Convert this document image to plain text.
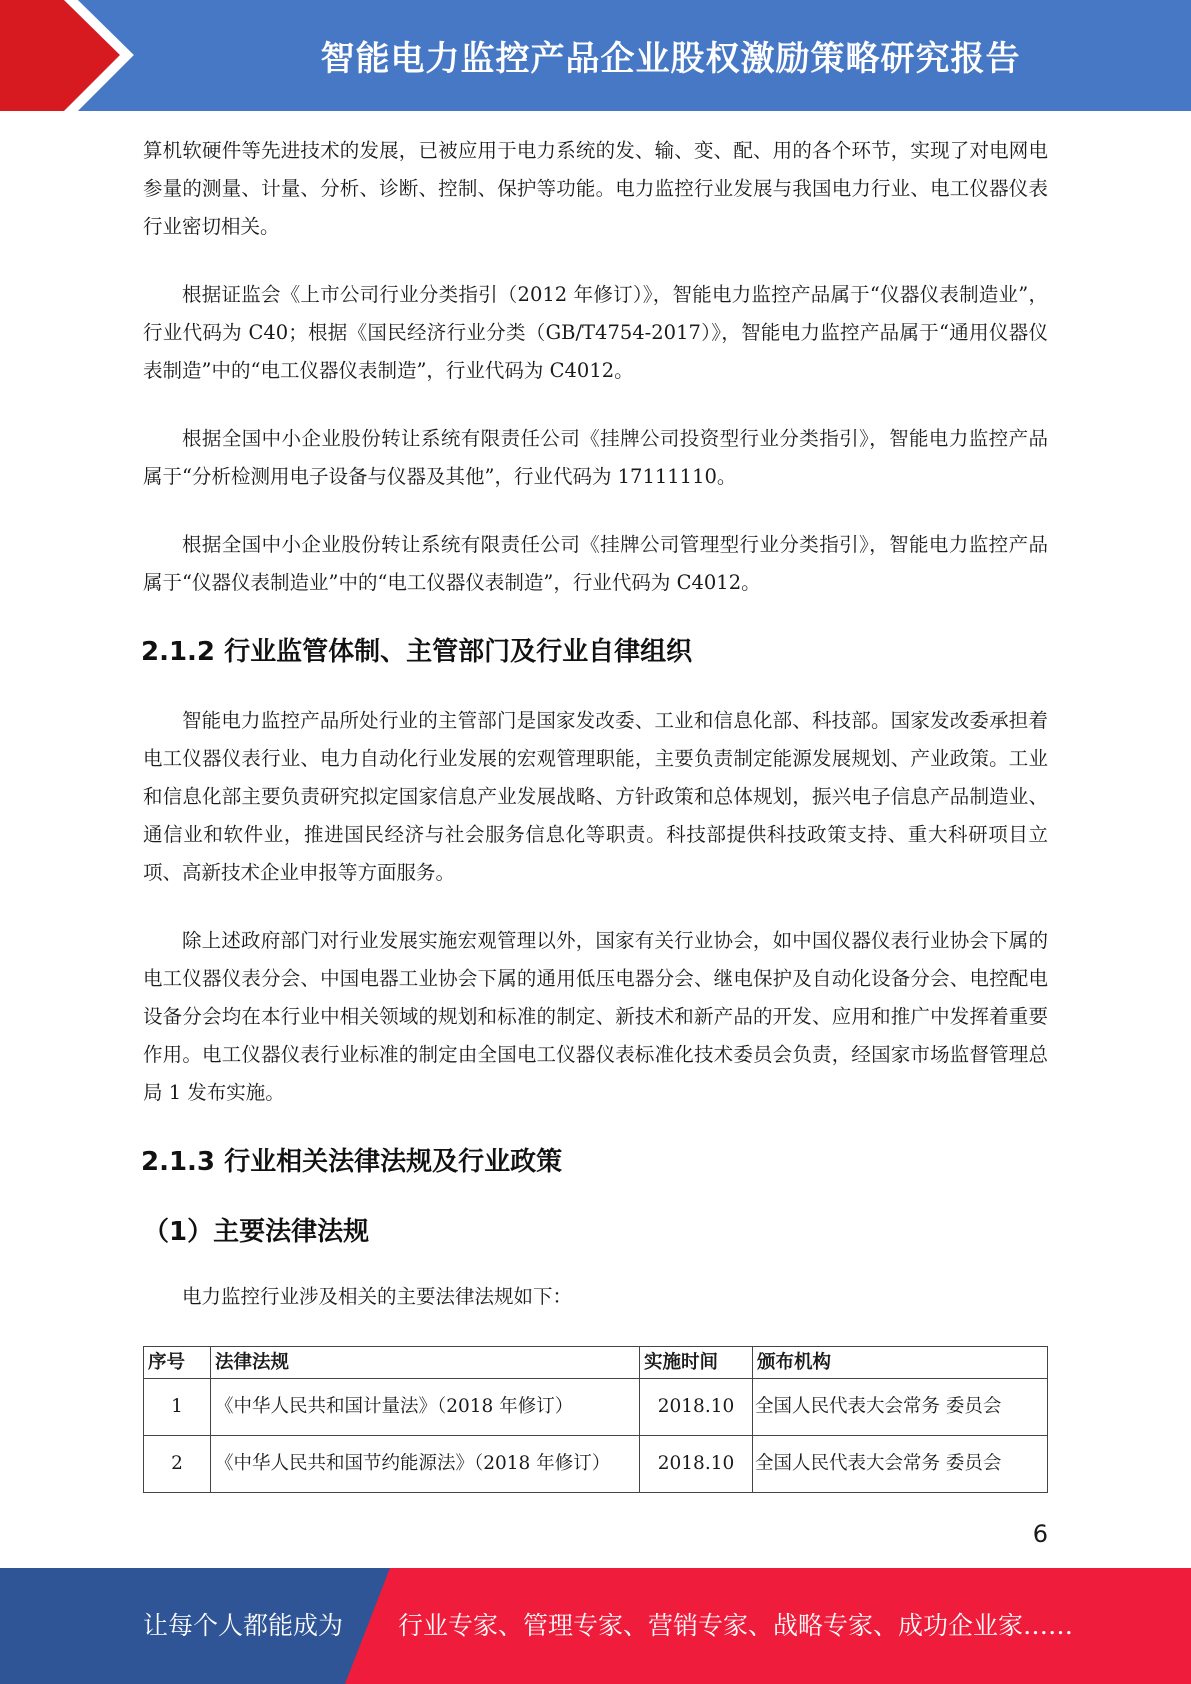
智能电力监控产品企业股权激励策略研究报告

算机软硬件等先进技术的发展，已被应用于电力系统的发、输、变、配、用的各个环节，实现了对电网电参量的测量、计量、分析、诊断、控制、保护等功能。电力监控行业发展与我国电力行业、电工仪器仪表行业密切相关。

根据证监会《上市公司行业分类指引（2012 年修订）》，智能电力监控产品属于“仪器仪表制造业”，行业代码为 C40；根据《国民经济行业分类（GB/T4754-2017）》，智能电力监控产品属于“通用仪器仪表制造”中的“电工仪器仪表制造”，行业代码为 C4012。

根据全国中小企业股份转让系统有限责任公司《挂牌公司投资型行业分类指引》，智能电力监控产品属于“分析检测用电子设备与仪器及其他”，行业代码为 17111110。

根据全国中小企业股份转让系统有限责任公司《挂牌公司管理型行业分类指引》，智能电力监控产品属于“仪器仪表制造业”中的“电工仪器仪表制造”，行业代码为 C4012。

2.1.2 行业监管体制、主管部门及行业自律组织

智能电力监控产品所处行业的主管部门是国家发改委、工业和信息化部、科技部。国家发改委承担着电工仪器仪表行业、电力自动化行业发展的宏观管理职能，主要负责制定能源发展规划、产业政策。工业和信息化部主要负责研究拟定国家信息产业发展战略、方针政策和总体规划，振兴电子信息产品制造业、通信业和软件业，推进国民经济与社会服务信息化等职责。科技部提供科技政策支持、重大科研项目立项、高新技术企业申报等方面服务。

除上述政府部门对行业发展实施宏观管理以外，国家有关行业协会，如中国仪器仪表行业协会下属的电工仪器仪表分会、中国电器工业协会下属的通用低压电器分会、继电保护及自动化设备分会、电控配电设备分会均在本行业中相关领域的规划和标准的制定、新技术和新产品的开发、应用和推广中发挥着重要作用。电工仪器仪表行业标准的制定由全国电工仪器仪表标准化技术委员会负责，经国家市场监督管理总局 1 发布实施。

2.1.3 行业相关法律法规及行业政策
（1）主要法律法规

电力监控行业涉及相关的主要法律法规如下：

序号	法律法规	实施时间	颁布机构
1	《中华人民共和国计量法》（2018 年修订）	2018.10	全国人民代表大会常务 委员会
2	《中华人民共和国节约能源法》（2018 年修订）	2018.10	全国人民代表大会常务 委员会
6
让每个人都能成为 行业专家、管理专家、营销专家、战略专家、成功企业家……
